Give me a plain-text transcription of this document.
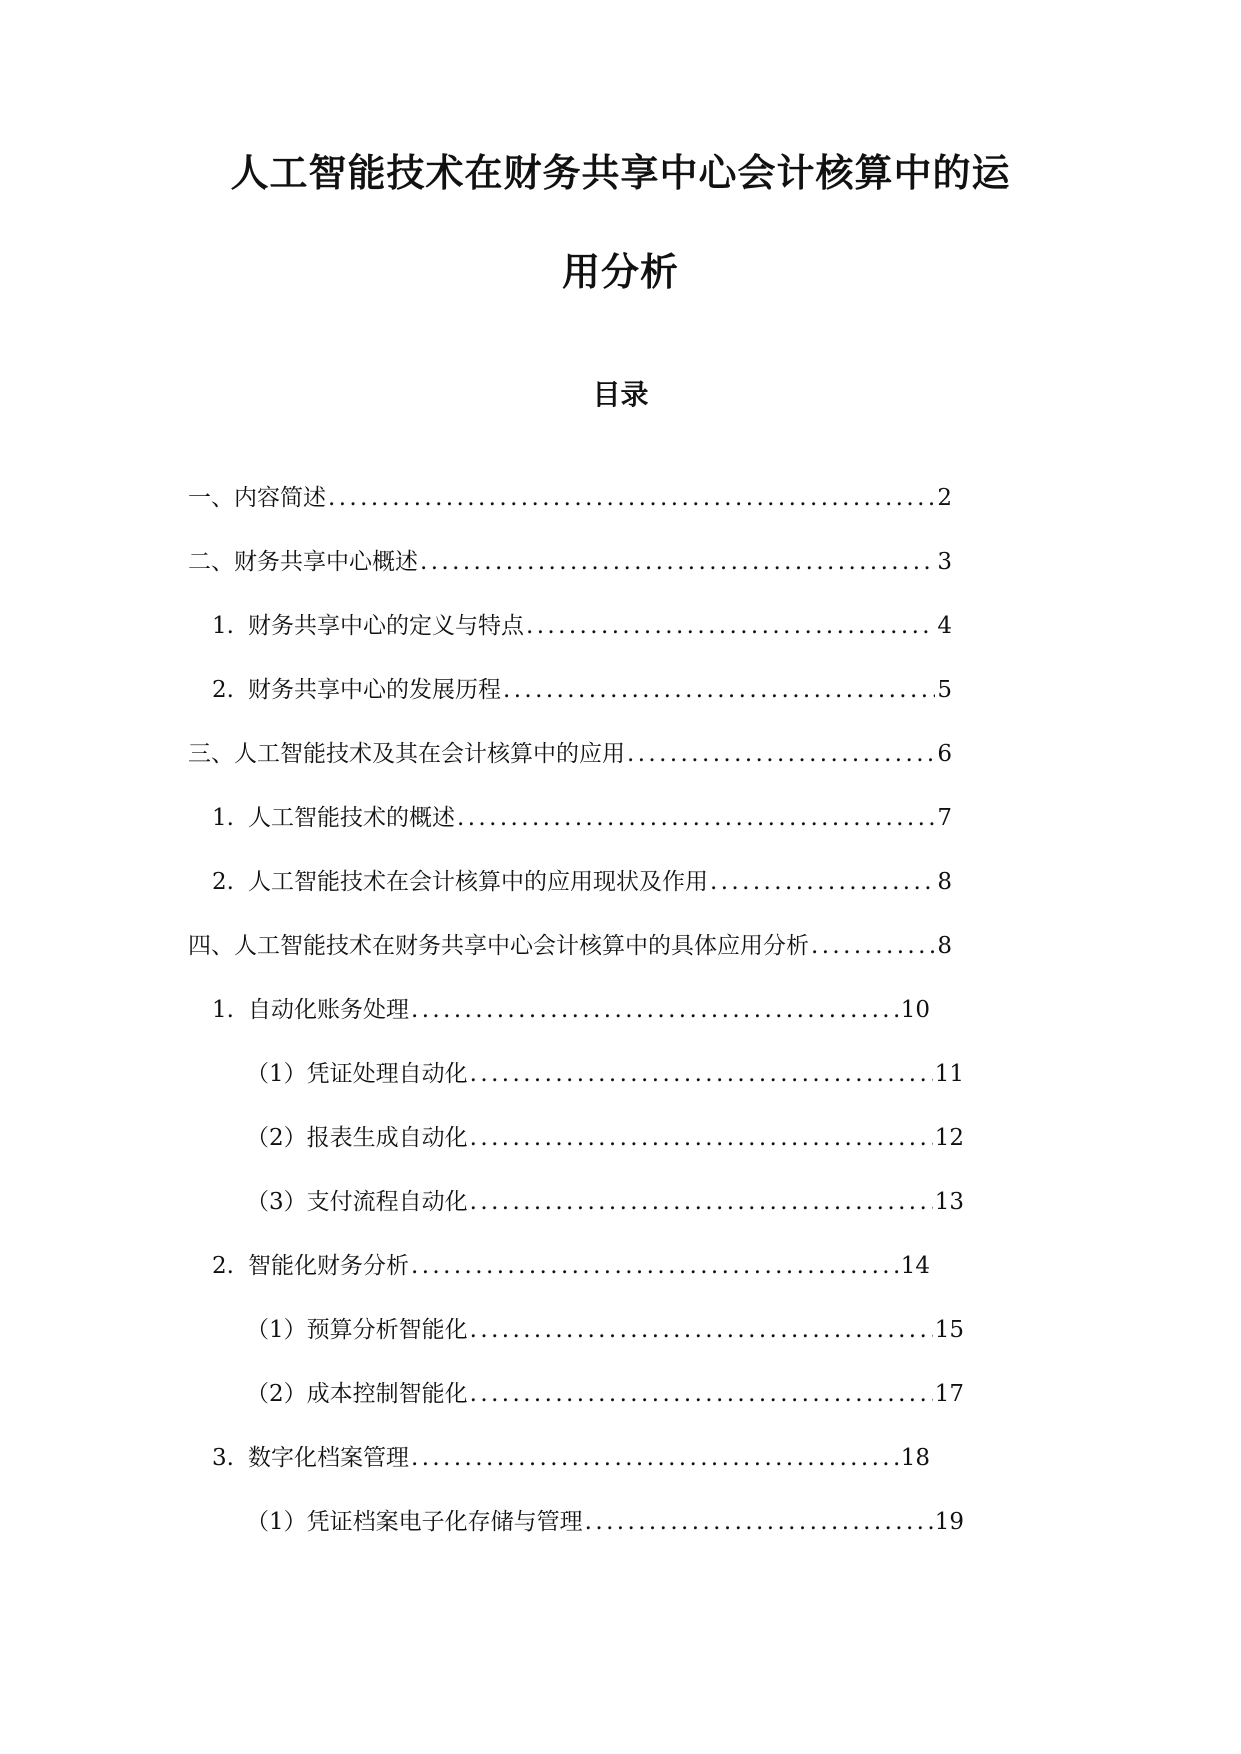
人工智能技术在财务共享中心会计核算中的运
用分析
目录
一、内容简述 .....	2
二、财务共享中心概述 .....	3
1. 财务共享中心的定义与特点 .....	4
2. 财务共享中心的发展历程 .....	5
三、人工智能技术及其在会计核算中的应用 .....	6
1. 人工智能技术的概述 .....	7
2. 人工智能技术在会计核算中的应用现状及作用 .....	8
四、人工智能技术在财务共享中心会计核算中的具体应用分析 .....	8
1. 自动化账务处理 .....	10
（1）凭证处理自动化 .....	11
（2）报表生成自动化 .....	12
（3）支付流程自动化 .....	13
2. 智能化财务分析 .....	14
（1）预算分析智能化 .....	15
（2）成本控制智能化 .....	17
3. 数字化档案管理 .....	18
（1）凭证档案电子化存储与管理 .....	19
